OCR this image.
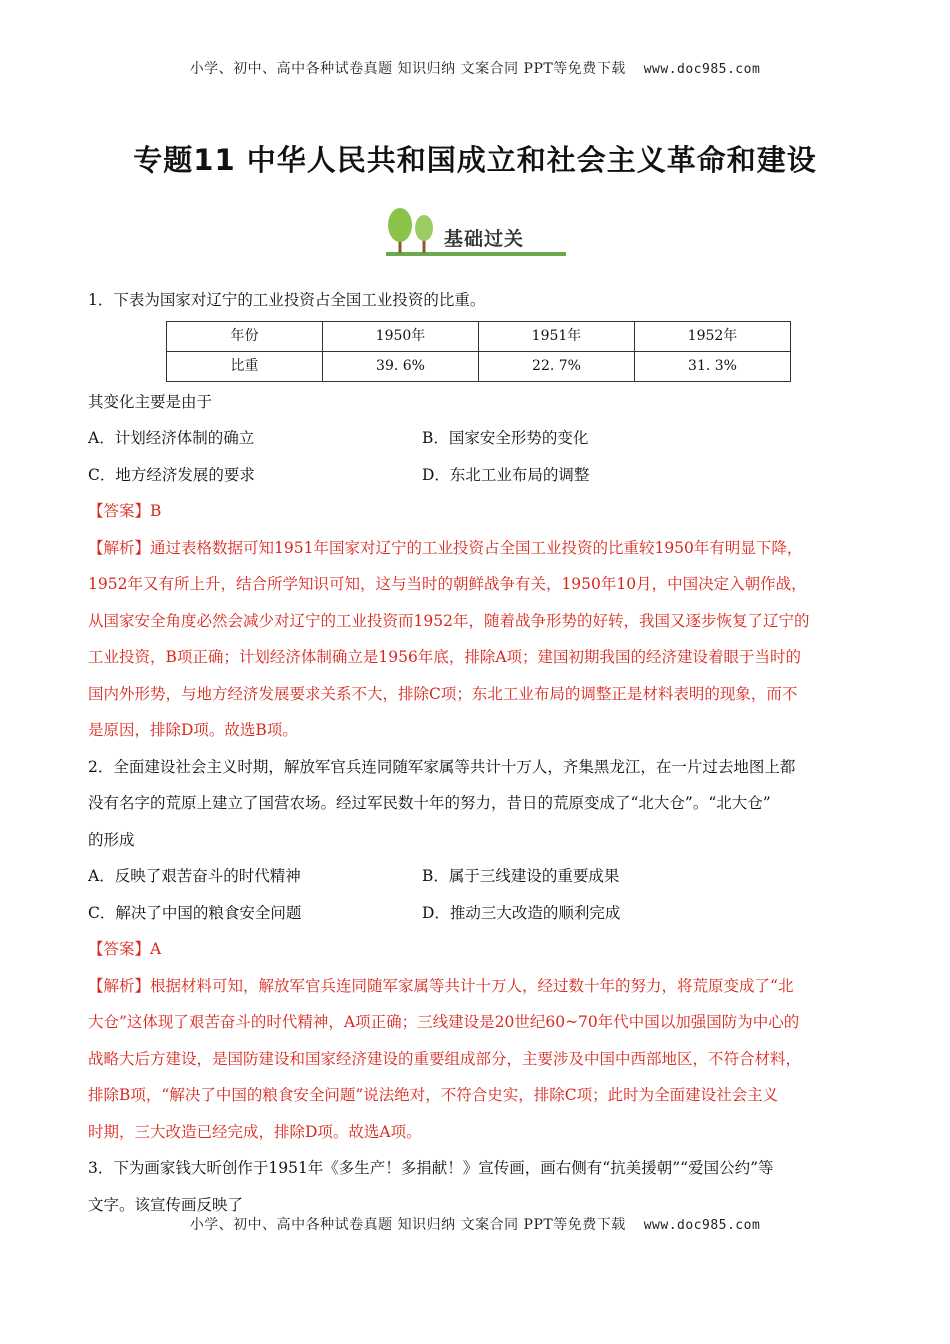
小学、初中、高中各种试卷真题 知识归纳 文案合同 PPT等免费下载 www.doc985.com
专题11 中华人民共和国成立和社会主义革命和建设
基础过关

1．下表为国家对辽宁的工业投资占全国工业投资的比重。

年份	1950年	1951年	1952年
比重	39. 6%	22. 7%	31. 3%

其变化主要是由于

A．计划经济体制的确立	B．国家安全形势的变化
C．地方经济发展的要求	D．东北工业布局的调整

【答案】B

【解析】通过表格数据可知1951年国家对辽宁的工业投资占全国工业投资的比重较1950年有明显下降，

1952年又有所上升，结合所学知识可知，这与当时的朝鲜战争有关，1950年10月，中国决定入朝作战，

从国家安全角度必然会减少对辽宁的工业投资而1952年，随着战争形势的好转，我国又逐步恢复了辽宁的

工业投资，B项正确；计划经济体制确立是1956年底，排除A项；建国初期我国的经济建设着眼于当时的

国内外形势，与地方经济发展要求关系不大，排除C项；东北工业布局的调整正是材料表明的现象，而不

是原因，排除D项。故选B项。

2．全面建设社会主义时期，解放军官兵连同随军家属等共计十万人，齐集黑龙江，在一片过去地图上都

没有名字的荒原上建立了国营农场。经过军民数十年的努力，昔日的荒原变成了“北大仓”。“北大仓”

的形成

A．反映了艰苦奋斗的时代精神	B．属于三线建设的重要成果
C．解决了中国的粮食安全问题	D．推动三大改造的顺利完成

【答案】A

【解析】根据材料可知，解放军官兵连同随军家属等共计十万人，经过数十年的努力，将荒原变成了“北

大仓”这体现了艰苦奋斗的时代精神，A项正确；三线建设是20世纪60~70年代中国以加强国防为中心的

战略大后方建设，是国防建设和国家经济建设的重要组成部分，主要涉及中国中西部地区，不符合材料，

排除B项，“解决了中国的粮食安全问题”说法绝对，不符合史实，排除C项；此时为全面建设社会主义

时期，三大改造已经完成，排除D项。故选A项。

3．下为画家钱大昕创作于1951年《多生产！多捐献！》宣传画，画右侧有“抗美援朝”“爱国公约”等

文字。该宣传画反映了

小学、初中、高中各种试卷真题 知识归纳 文案合同 PPT等免费下载 www.doc985.com
